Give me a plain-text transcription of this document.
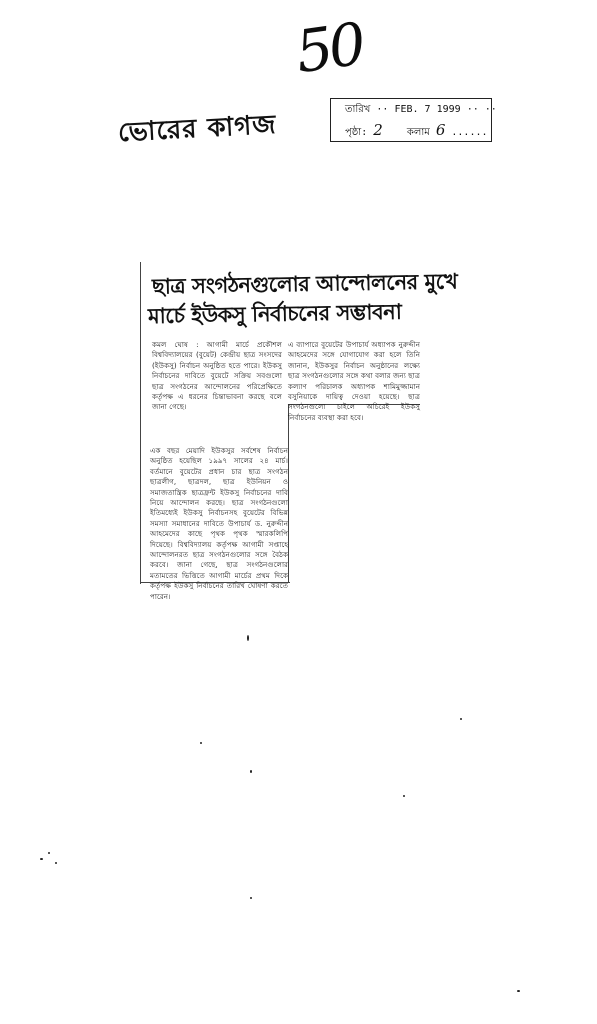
50
ভোরের কাগজ
তারিখ ·· FEB. 7 1999 ·· ··
পৃষ্ঠা: 2 কলাম 6 ......
ছাত্র সংগঠনগুলোর আন্দোলনের মুখে
মার্চে ইউকসু নির্বাচনের সম্ভাবনা
কমল ঘোষ : আগামী মার্চে প্রকৌশল বিশ্ববিদ্যালয়ের (বুয়েট) কেন্দ্রীয় ছাত্র সংসদের (ইউকসু) নির্বাচন অনুষ্ঠিত হতে পারে। ইউকসু নির্বাচনের দাবিতে বুয়েটে সক্রিয় সবগুলো ছাত্র সংগঠনের আন্দোলনের পরিপ্রেক্ষিতে কর্তৃপক্ষ এ ধরনের চিন্তাভাবনা করছে বলে জানা গেছে।
এ ব্যাপারে বুয়েটের উপাচার্য অধ্যাপক নুরুদ্দীন আহমেদের সঙ্গে যোগাযোগ করা হলে তিনি জানান, ইউকসুর নির্বাচন অনুষ্ঠানের লক্ষ্যে ছাত্র সংগঠনগুলোর সঙ্গে কথা বলার জন্য ছাত্র কল্যাণ পরিচালক অধ্যাপক শামিমুজ্জামান বসুনিয়াকে দায়িত্ব দেওয়া হয়েছে। ছাত্র সংগঠনগুলো চাইলে অচিরেই ইউকসু নির্বাচনের ব্যবস্থা করা হবে।
এক বছর মেয়াদি ইউকসুর সর্বশেষ নির্বাচন অনুষ্ঠিত হয়েছিল ১৯৯৭ সালের ২৪ মার্চ। বর্তমানে বুয়েটের প্রধান চার ছাত্র সংগঠন ছাত্রলীগ, ছাত্রদল, ছাত্র ইউনিয়ন ও সমাজতান্ত্রিক ছাত্রফ্রন্ট ইউকসু নির্বাচনের দাবি নিয়ে আন্দোলন করছে। ছাত্র সংগঠনগুলো ইতিমধ্যেই ইউকসু নির্বাচনসহ বুয়েটের বিভিন্ন সমস্যা সমাধানের দাবিতে উপাচার্য ড. নুরুদ্দীন আহমেদের কাছে পৃথক পৃথক স্মারকলিপি দিয়েছে। বিশ্ববিদ্যালয় কর্তৃপক্ষ আগামী সপ্তাহে আন্দোলনরত ছাত্র সংগঠনগুলোর সঙ্গে বৈঠক করবে। জানা গেছে, ছাত্র সংগঠনগুলোর মতামতের ভিত্তিতে আগামী মার্চের প্রথম দিকে কর্তৃপক্ষ ইউকসু নির্বাচনের তারিখ ঘোষণা করতে পারেন।
